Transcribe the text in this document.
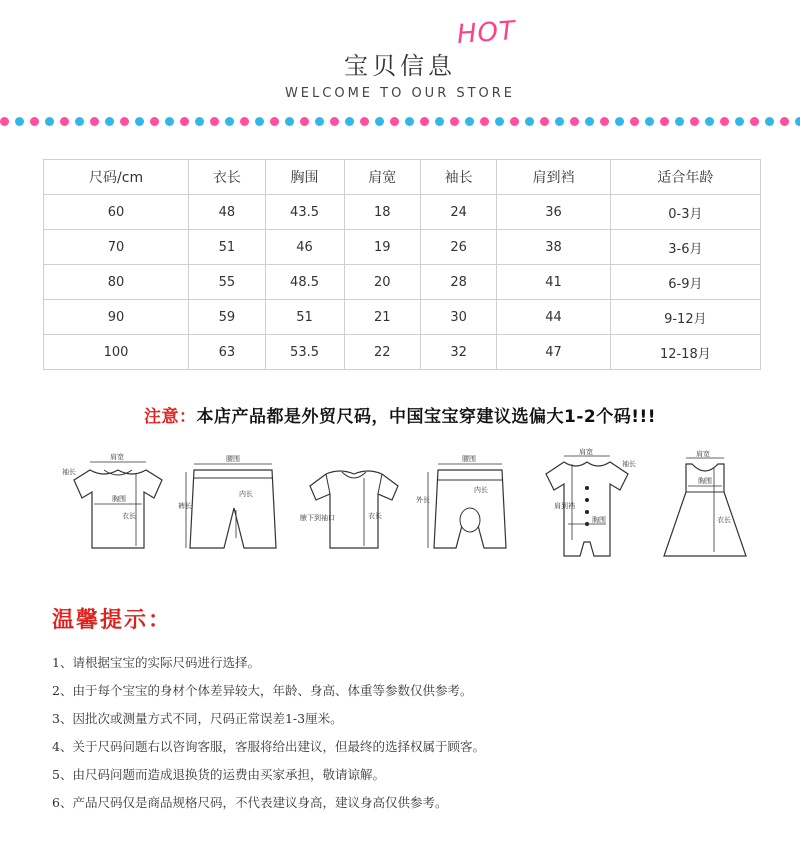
宝贝信息
HOT
WELCOME TO OUR STORE
尺码/cm	衣长	胸围	肩宽	袖长	肩到裆	适合年龄
60	48	43.5	18	24	36	0-3月
70	51	46	19	26	38	3-6月
80	55	48.5	20	28	41	6-9月
90	59	51	21	30	44	9-12月
100	63	53.5	22	32	47	12-18月
注意：本店产品都是外贸尺码，中国宝宝穿建议选偏大1-2个码!!!
肩宽
袖长
胸围
衣长
腰围
裤长
内长
腋下到袖口	衣长
腰围
外长
内长
肩宽
袖长
肩到裆
胸围
肩宽
胸围
衣长
温馨提示：
1、请根据宝宝的实际尺码进行选择。
2、由于每个宝宝的身材个体差异较大，年龄、身高、体重等参数仅供参考。
3、因批次或测量方式不同，尺码正常误差1-3厘米。
4、关于尺码问题右以咨询客服，客服将给出建议，但最终的选择权属于顾客。
5、由尺码问题而造成退换货的运费由买家承担，敬请谅解。
6、产品尺码仅是商品规格尺码，不代表建议身高，建议身高仅供参考。
